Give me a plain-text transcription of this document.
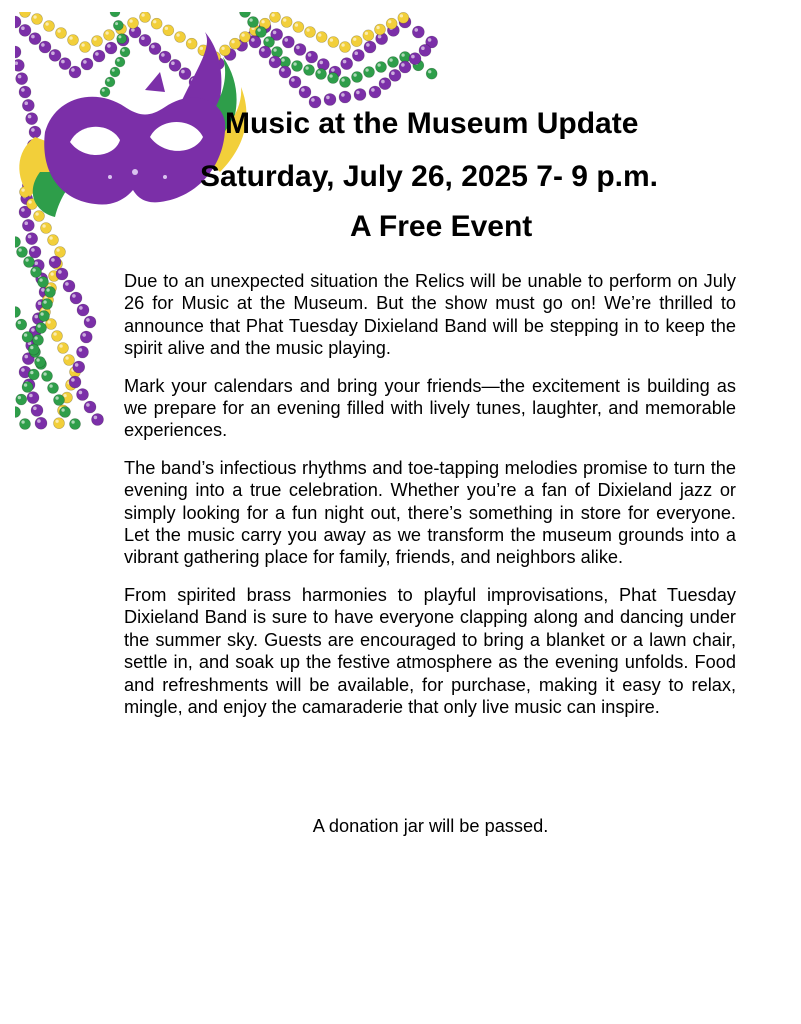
Music at the Museum Update
Saturday, July 26, 2025 7- 9 p.m.
A Free Event

Due to an unexpected situation the Relics will be unable to perform on July 26 for Music at the Museum. But the show must go on! We’re thrilled to announce that Phat Tuesday Dixieland Band will be stepping in to keep the spirit alive and the music playing.

Mark your calendars and bring your friends—the excitement is building as we prepare for an evening filled with lively tunes, laughter, and memorable experiences.

The band’s infectious rhythms and toe-tapping melodies promise to turn the evening into a true celebration. Whether you’re a fan of Dixieland jazz or simply looking for a fun night out, there’s something in store for everyone. Let the music carry you away as we transform the museum grounds into a vibrant gathering place for family, friends, and neighbors alike.

From spirited brass harmonies to playful improvisations, Phat Tuesday Dixieland Band is sure to have everyone clapping along and dancing under the summer sky. Guests are encouraged to bring a blanket or a lawn chair, settle in, and soak up the festive atmosphere as the evening unfolds. Food and refreshments will be available, for purchase, making it easy to relax, mingle, and enjoy the camaraderie that only live music can inspire.

A donation jar will be passed.
